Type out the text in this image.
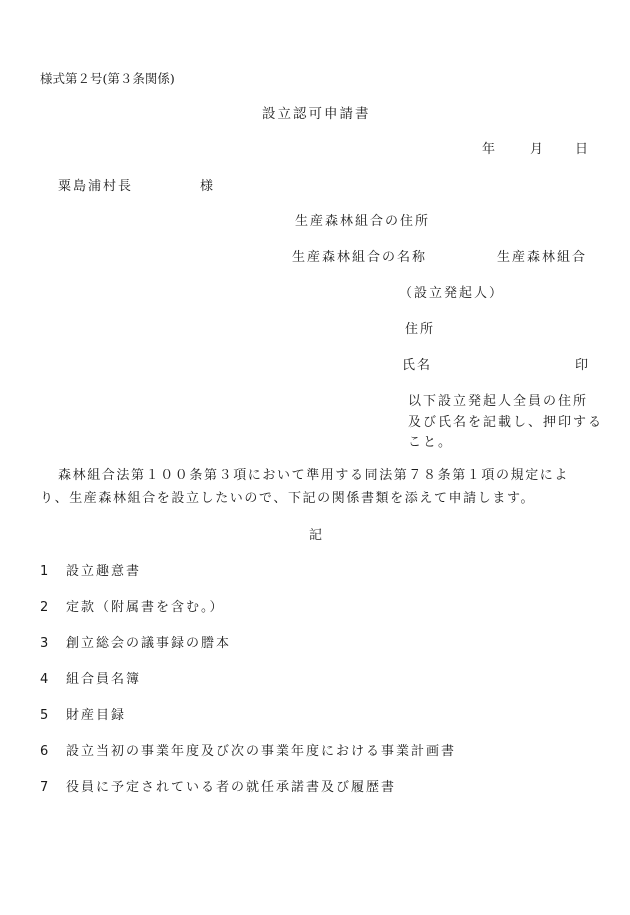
様式第２号(第３条関係)
設立認可申請書
年	月 日
粟島浦村長	様
生産森林組合の住所
生産森林組合の名称	生産森林組合
（設立発起人）
住所
氏名	印
以下設立発起人全員の住所
及び氏名を記載し、押印する
こと。
森林組合法第１００条第３項において準用する同法第７８条第１項の規定によ
り、生産森林組合を設立したいので、下記の関係書類を添えて申請します。
記
1 設立趣意書
2 定款（附属書を含む。）
3 創立総会の議事録の謄本
4 組合員名簿
5 財産目録
6 設立当初の事業年度及び次の事業年度における事業計画書
7 役員に予定されている者の就任承諾書及び履歴書
